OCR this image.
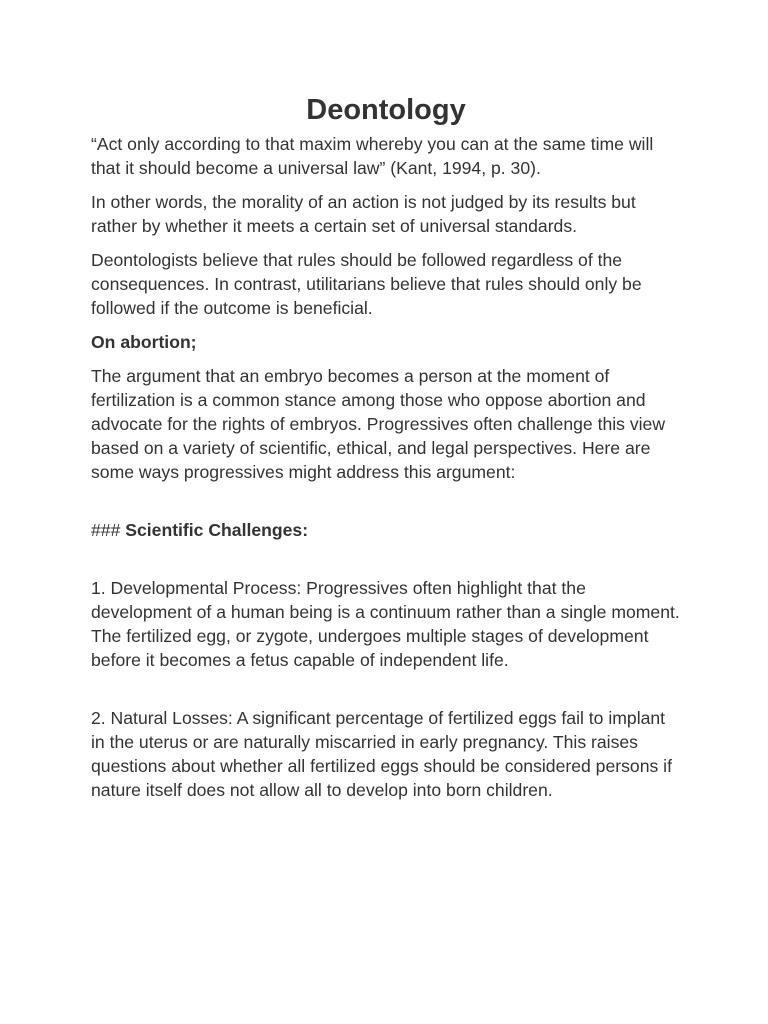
Deontology

“Act only according to that maxim whereby you can at the same time will that it should become a universal law” (Kant, 1994, p. 30).

In other words, the morality of an action is not judged by its results but rather by whether it meets a certain set of universal standards.

Deontologists believe that rules should be followed regardless of the consequences. In contrast, utilitarians believe that rules should only be followed if the outcome is beneficial.

On abortion;

The argument that an embryo becomes a person at the moment of fertilization is a common stance among those who oppose abortion and advocate for the rights of embryos. Progressives often challenge this view based on a variety of scientific, ethical, and legal perspectives. Here are some ways progressives might address this argument:

### Scientific Challenges:

1. Developmental Process: Progressives often highlight that the development of a human being is a continuum rather than a single moment. The fertilized egg, or zygote, undergoes multiple stages of development before it becomes a fetus capable of independent life.

2. Natural Losses: A significant percentage of fertilized eggs fail to implant in the uterus or are naturally miscarried in early pregnancy. This raises questions about whether all fertilized eggs should be considered persons if nature itself does not allow all to develop into born children.
